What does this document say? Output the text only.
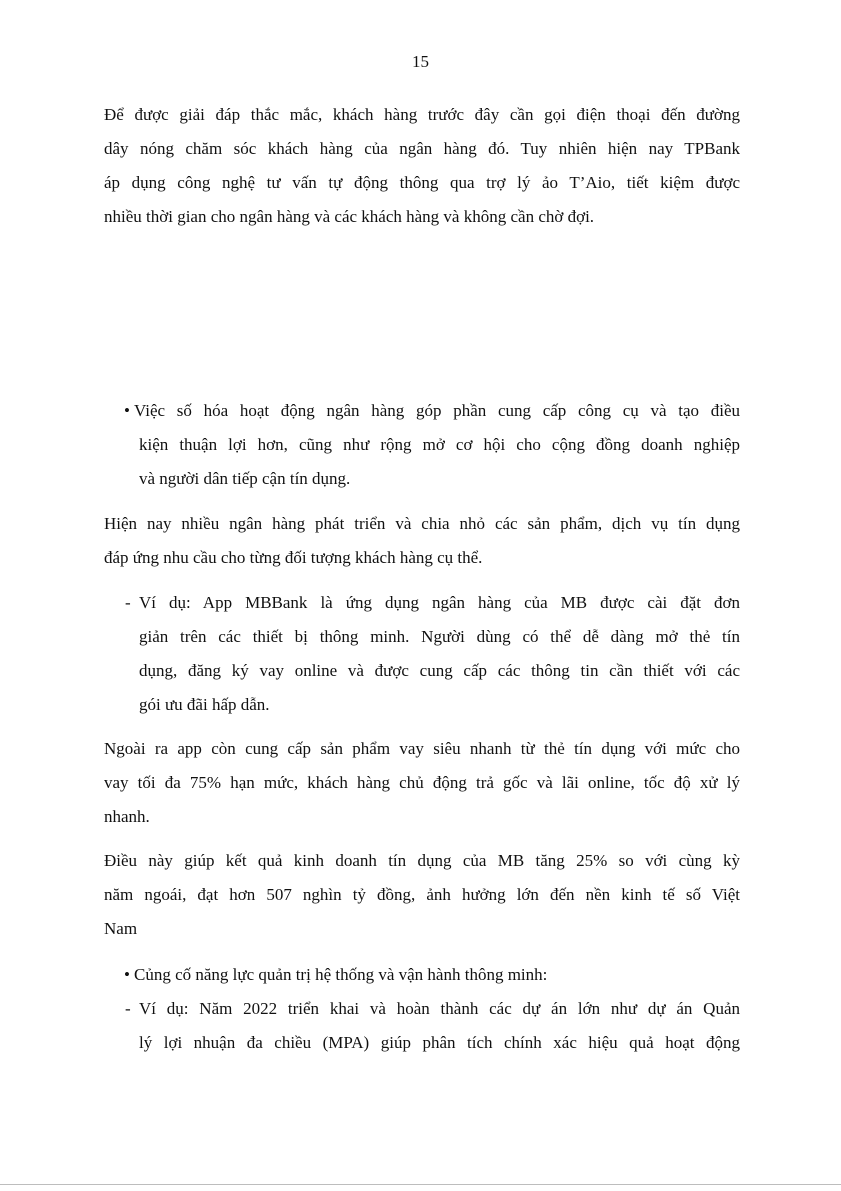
15
Để được giải đáp thắc mắc, khách hàng trước đây cần gọi điện thoại đến đường
dây nóng chăm sóc khách hàng của ngân hàng đó. Tuy nhiên hiện nay TPBank
áp dụng công nghệ tư vấn tự động thông qua trợ lý ảo T’Aio, tiết kiệm được
nhiều thời gian cho ngân hàng và các khách hàng và không cần chờ đợi.
• Việc số hóa hoạt động ngân hàng góp phần cung cấp công cụ và tạo điều
kiện thuận lợi hơn, cũng như rộng mở cơ hội cho cộng đồng doanh nghiệp
và người dân tiếp cận tín dụng.
Hiện nay nhiều ngân hàng phát triển và chia nhỏ các sản phẩm, dịch vụ tín dụng
đáp ứng nhu cầu cho từng đối tượng khách hàng cụ thể.
- Ví dụ: App MBBank là ứng dụng ngân hàng của MB được cài đặt đơn
giản trên các thiết bị thông minh. Người dùng có thể dễ dàng mở thẻ tín
dụng, đăng ký vay online và được cung cấp các thông tin cần thiết với các
gói ưu đãi hấp dẫn.
Ngoài ra app còn cung cấp sản phẩm vay siêu nhanh từ thẻ tín dụng với mức cho
vay tối đa 75% hạn mức, khách hàng chủ động trả gốc và lãi online, tốc độ xử lý
nhanh.
Điều này giúp kết quả kinh doanh tín dụng của MB tăng 25% so với cùng kỳ
năm ngoái, đạt hơn 507 nghìn tỷ đồng, ảnh hưởng lớn đến nền kinh tế số Việt
Nam
• Củng cố năng lực quản trị hệ thống và vận hành thông minh:
- Ví dụ: Năm 2022 triển khai và hoàn thành các dự án lớn như dự án Quản
lý lợi nhuận đa chiều (MPA) giúp phân tích chính xác hiệu quả hoạt động
